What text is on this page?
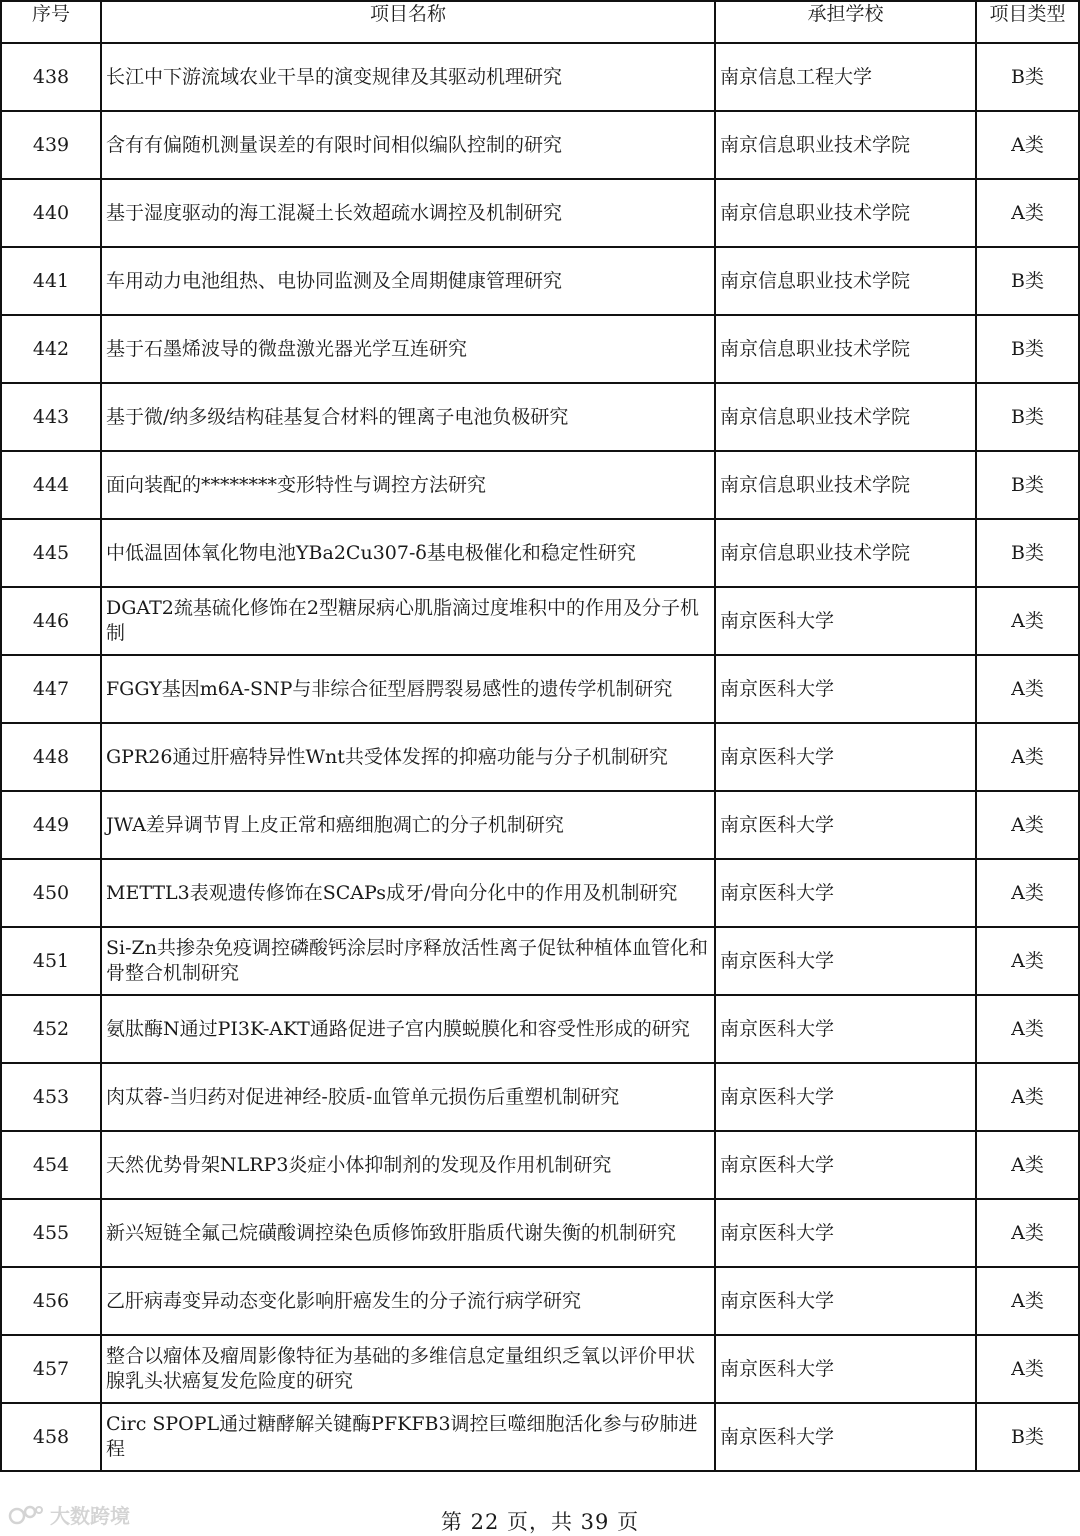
序号	项目名称	承担学校	项目类型
438	长江中下游流域农业干旱的演变规律及其驱动机理研究	南京信息工程大学	B类
439	含有有偏随机测量误差的有限时间相似编队控制的研究	南京信息职业技术学院	A类
440	基于湿度驱动的海工混凝土长效超疏水调控及机制研究	南京信息职业技术学院	A类
441	车用动力电池组热、电协同监测及全周期健康管理研究	南京信息职业技术学院	B类
442	基于石墨烯波导的微盘激光器光学互连研究	南京信息职业技术学院	B类
443	基于微/纳多级结构硅基复合材料的锂离子电池负极研究	南京信息职业技术学院	B类
444	面向装配的********变形特性与调控方法研究	南京信息职业技术学院	B类
445	中低温固体氧化物电池YBa2Cu307-δ基电极催化和稳定性研究	南京信息职业技术学院	B类
446	DGAT2巯基硫化修饰在2型糖尿病心肌脂滴过度堆积中的作用及分子机制	南京医科大学	A类
447	FGGY基因m6A-SNP与非综合征型唇腭裂易感性的遗传学机制研究	南京医科大学	A类
448	GPR26通过肝癌特异性Wnt共受体发挥的抑癌功能与分子机制研究	南京医科大学	A类
449	JWA差异调节胃上皮正常和癌细胞凋亡的分子机制研究	南京医科大学	A类
450	METTL3表观遗传修饰在SCAPs成牙/骨向分化中的作用及机制研究	南京医科大学	A类
451	Si-Zn共掺杂免疫调控磷酸钙涂层时序释放活性离子促钛种植体血管化和骨整合机制研究	南京医科大学	A类
452	氨肽酶N通过PI3K-AKT通路促进子宫内膜蜕膜化和容受性形成的研究	南京医科大学	A类
453	肉苁蓉-当归药对促进神经-胶质-血管单元损伤后重塑机制研究	南京医科大学	A类
454	天然优势骨架NLRP3炎症小体抑制剂的发现及作用机制研究	南京医科大学	A类
455	新兴短链全氟己烷磺酸调控染色质修饰致肝脂质代谢失衡的机制研究	南京医科大学	A类
456	乙肝病毒变异动态变化影响肝癌发生的分子流行病学研究	南京医科大学	A类
457	整合以瘤体及瘤周影像特征为基础的多维信息定量组织乏氧以评价甲状腺乳头状癌复发危险度的研究	南京医科大学	A类
458	Circ SPOPL通过糖酵解关键酶PFKFB3调控巨噬细胞活化参与矽肺进程	南京医科大学	B类
大数跨境	第 22 页，共 39 页
